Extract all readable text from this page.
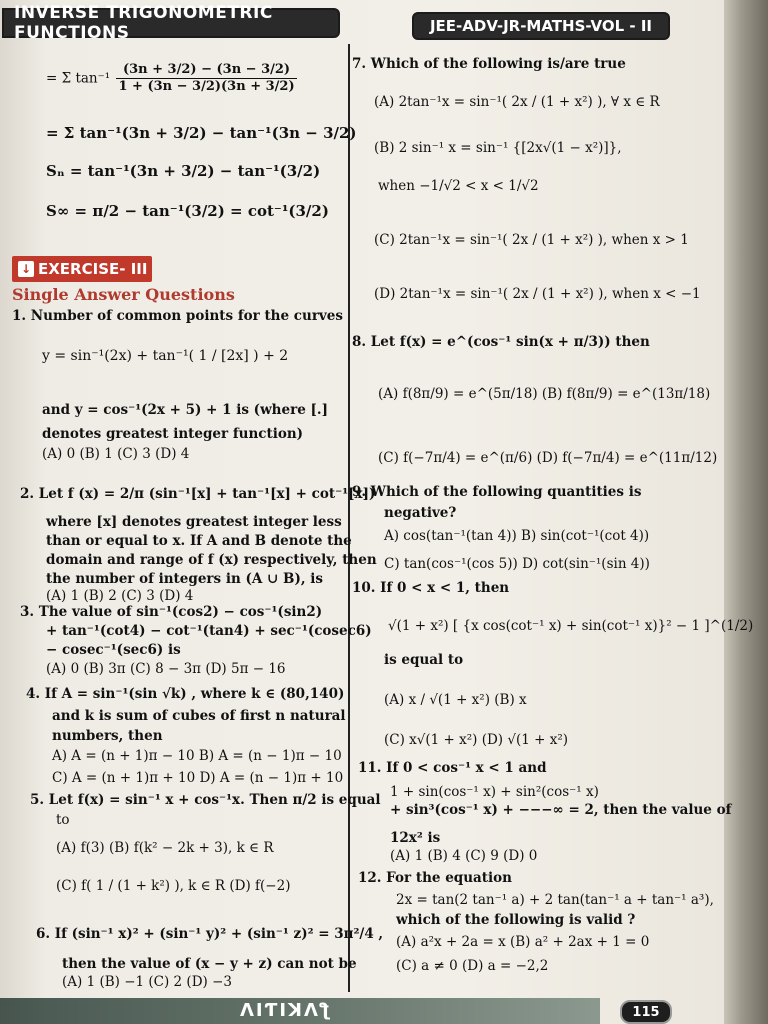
INVERSE TRIGONOMETRIC FUNCTIONS	JEE-ADV-JR-MATHS-VOL - II
= Σ $\tan^{-1} \frac{(3n + 3/2) - (3n - 3/2)}{1 + (3n - 3/2)(3n + 3/2)}$
= Σ tan⁻¹(3n + 3/2) − tan⁻¹(3n − 3/2)
Sₙ = tan⁻¹(3n + 3/2) − tan⁻¹(3/2)
S∞ = π/2 − tan⁻¹(3/2) = cot⁻¹(3/2)
↓ EXERCISE- III
Single Answer Questions
1. Number of common points for the curves
y = sin⁻¹(2x) + tan⁻¹( 1 / [2x] ) + 2
and y = cos⁻¹(2x + 5) + 1 is (where [.]
denotes greatest integer function)
(A) 0 (B) 1 (C) 3 (D) 4
2. Let f (x) = 2/π (sin⁻¹[x] + tan⁻¹[x] + cot⁻¹[x])
where [x] denotes greatest integer less
than or equal to x. If A and B denote the
domain and range of f (x) respectively, then
the number of integers in (A ∪ B), is
(A) 1 (B) 2 (C) 3 (D) 4
3. The value of sin⁻¹(cos2) − cos⁻¹(sin2)
+ tan⁻¹(cot4) − cot⁻¹(tan4) + sec⁻¹(cosec6)
− cosec⁻¹(sec6) is
(A) 0 (B) 3π (C) 8 − 3π (D) 5π − 16
4. If A = sin⁻¹(sin √k) , where k ∈ (80,140)
and k is sum of cubes of first n natural
numbers, then
A) A = (n + 1)π − 10 B) A = (n − 1)π − 10
C) A = (n + 1)π + 10 D) A = (n − 1)π + 10
5. Let f(x) = sin⁻¹ x + cos⁻¹x. Then π/2 is equal
to
(A) f(3) (B) f(k² − 2k + 3), k ∈ R
(C) f( 1 / (1 + k²) ), k ∈ R (D) f(−2)
6. If (sin⁻¹ x)² + (sin⁻¹ y)² + (sin⁻¹ z)² = 3π²/4 ,
then the value of (x − y + z) can not be
(A) 1 (B) −1 (C) 2 (D) −3
7. Which of the following is/are true
(A) 2tan⁻¹x = sin⁻¹( 2x / (1 + x²) ), ∀ x ∈ R
(B) 2 sin⁻¹ x = sin⁻¹ {[2x√(1 − x²)]},
when −1/√2 < x < 1/√2
(C) 2tan⁻¹x = sin⁻¹( 2x / (1 + x²) ), when x > 1
(D) 2tan⁻¹x = sin⁻¹( 2x / (1 + x²) ), when x < −1
8. Let f(x) = e^(cos⁻¹ sin(x + π/3)) then
(A) f(8π/9) = e^(5π/18) (B) f(8π/9) = e^(13π/18)
(C) f(−7π/4) = e^(π/6) (D) f(−7π/4) = e^(11π/12)
9. Which of the following quantities is
negative?
A) cos(tan⁻¹(tan 4)) B) sin(cot⁻¹(cot 4))
C) tan(cos⁻¹(cos 5)) D) cot(sin⁻¹(sin 4))
10. If 0 < x < 1, then
√(1 + x²) [ {x cos(cot⁻¹ x) + sin(cot⁻¹ x)}² − 1 ]^(1/2)
is equal to
(A) x / √(1 + x²) (B) x
(C) x√(1 + x²) (D) √(1 + x²)
11. If 0 < cos⁻¹ x < 1 and
1 + sin(cos⁻¹ x) + sin²(cos⁻¹ x)
+ sin³(cos⁻¹ x) + −−−∞ = 2, then the value of
12x² is
(A) 1 (B) 4 (C) 9 (D) 0
12. For the equation
2x = tan(2 tan⁻¹ a) + 2 tan(tan⁻¹ a + tan⁻¹ a³),
which of the following is valid ?
(A) a²x + 2a = x (B) a² + 2ax + 1 = 0
(C) a ≠ 0 (D) a = −2,2
ɅIƬIꓘΛƪ	115
